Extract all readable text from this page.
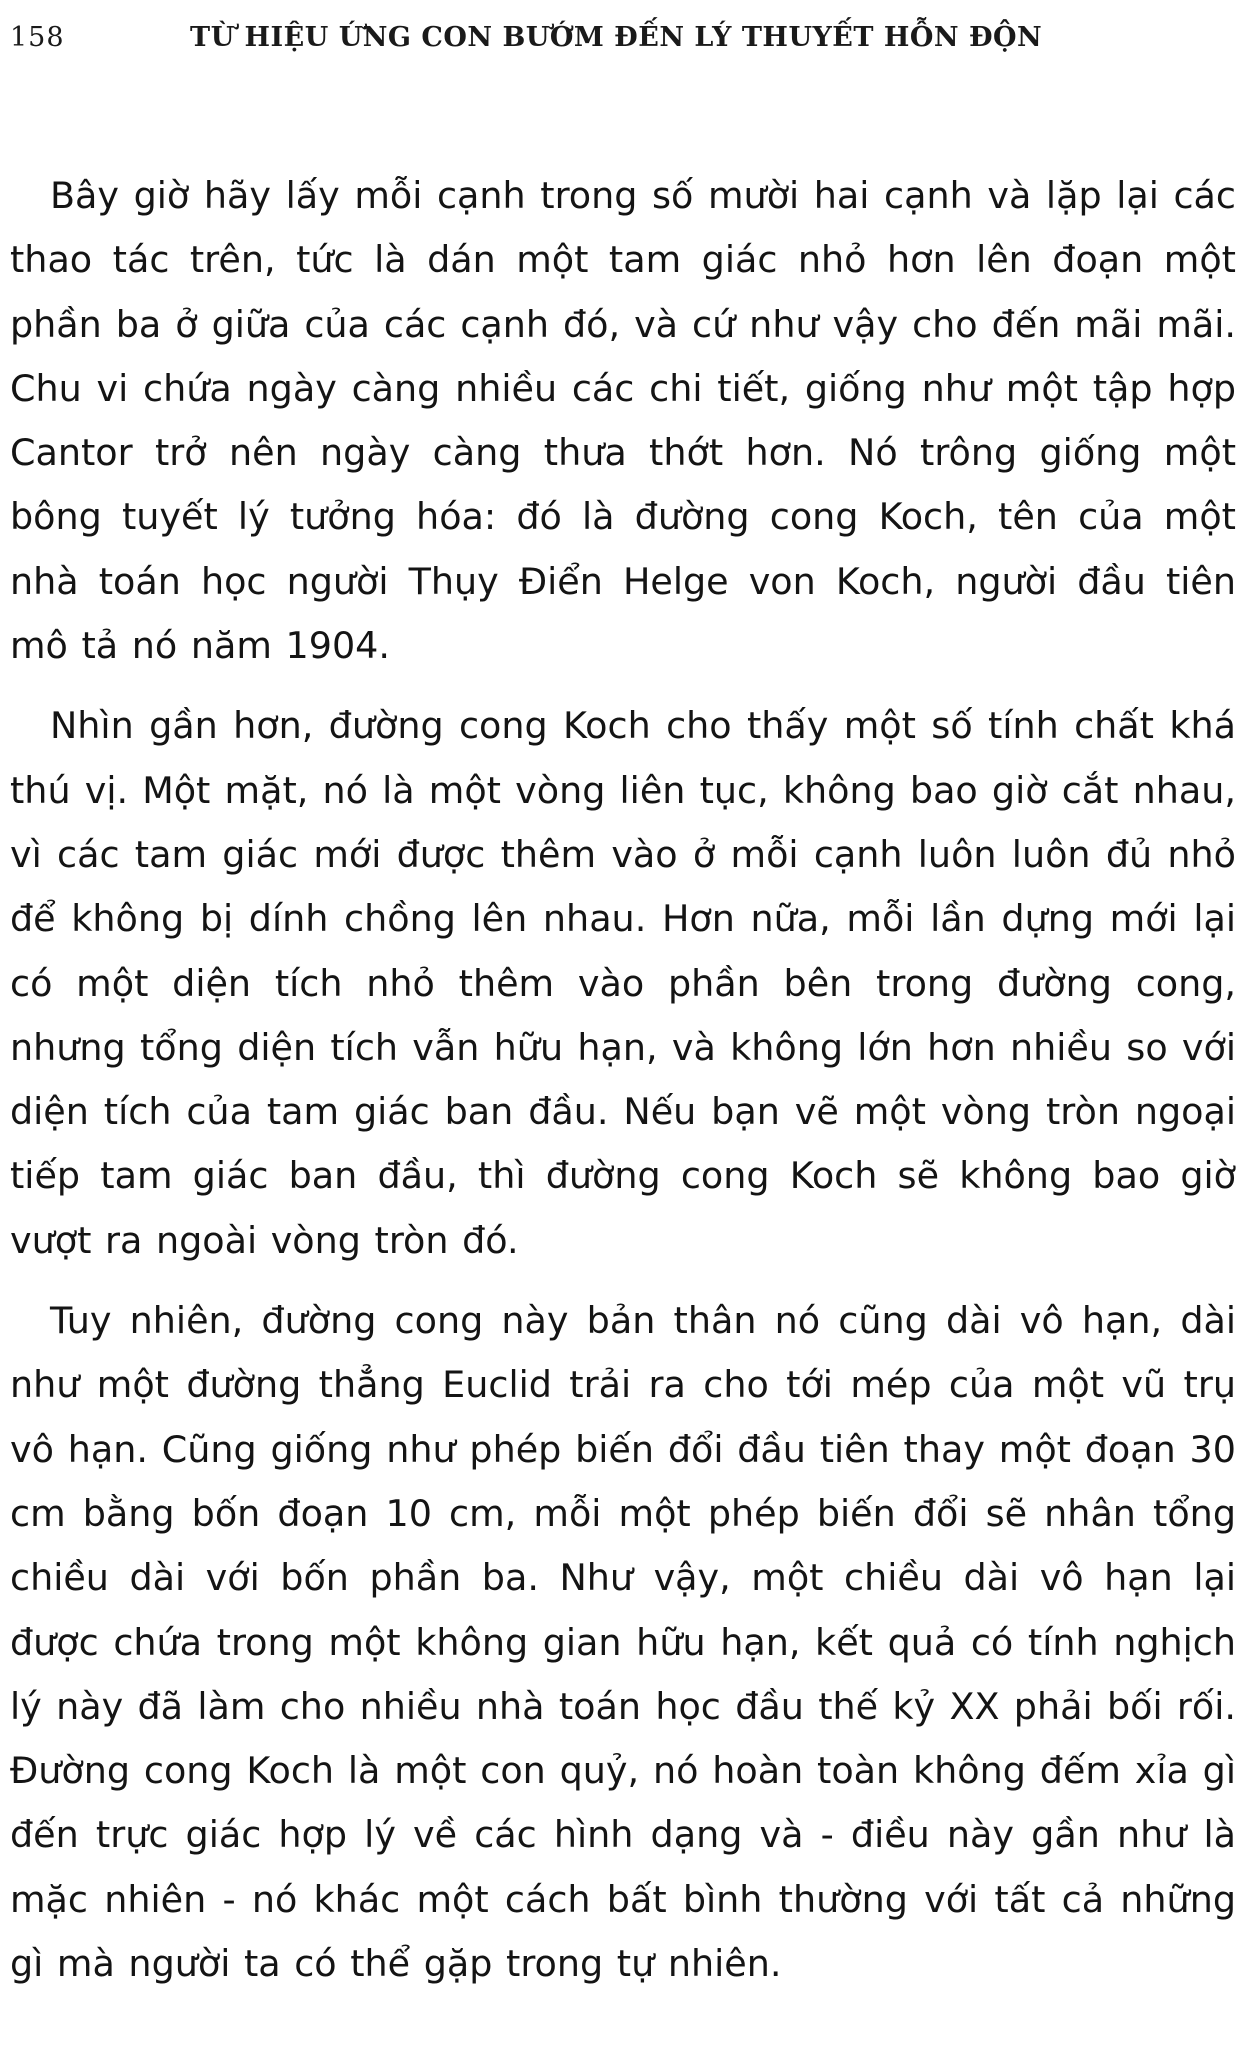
158	TỪ HIỆU ỨNG CON BƯỚM ĐẾN LÝ THUYẾT HỖN ĐỘN

Bây giờ hãy lấy mỗi cạnh trong số mười hai cạnh và lặp lại các thao tác trên, tức là dán một tam giác nhỏ hơn lên đoạn một phần ba ở giữa của các cạnh đó, và cứ như vậy cho đến mãi mãi. Chu vi chứa ngày càng nhiều các chi tiết, giống như một tập hợp Cantor trở nên ngày càng thưa thớt hơn. Nó trông giống một bông tuyết lý tưởng hóa: đó là đường cong Koch, tên của một nhà toán học người Thụy Điển Helge von Koch, người đầu tiên mô tả nó năm 1904.

Nhìn gần hơn, đường cong Koch cho thấy một số tính chất khá thú vị. Một mặt, nó là một vòng liên tục, không bao giờ cắt nhau, vì các tam giác mới được thêm vào ở mỗi cạnh luôn luôn đủ nhỏ để không bị dính chồng lên nhau. Hơn nữa, mỗi lần dựng mới lại có một diện tích nhỏ thêm vào phần bên trong đường cong, nhưng tổng diện tích vẫn hữu hạn, và không lớn hơn nhiều so với diện tích của tam giác ban đầu. Nếu bạn vẽ một vòng tròn ngoại tiếp tam giác ban đầu, thì đường cong Koch sẽ không bao giờ vượt ra ngoài vòng tròn đó.

Tuy nhiên, đường cong này bản thân nó cũng dài vô hạn, dài như một đường thẳng Euclid trải ra cho tới mép của một vũ trụ vô hạn. Cũng giống như phép biến đổi đầu tiên thay một đoạn 30 cm bằng bốn đoạn 10 cm, mỗi một phép biến đổi sẽ nhân tổng chiều dài với bốn phần ba. Như vậy, một chiều dài vô hạn lại được chứa trong một không gian hữu hạn, kết quả có tính nghịch lý này đã làm cho nhiều nhà toán học đầu thế kỷ XX phải bối rối. Đường cong Koch là một con quỷ, nó hoàn toàn không đếm xỉa gì đến trực giác hợp lý về các hình dạng và - điều này gần như là mặc nhiên - nó khác một cách bất bình thường với tất cả những gì mà người ta có thể gặp trong tự nhiên.
